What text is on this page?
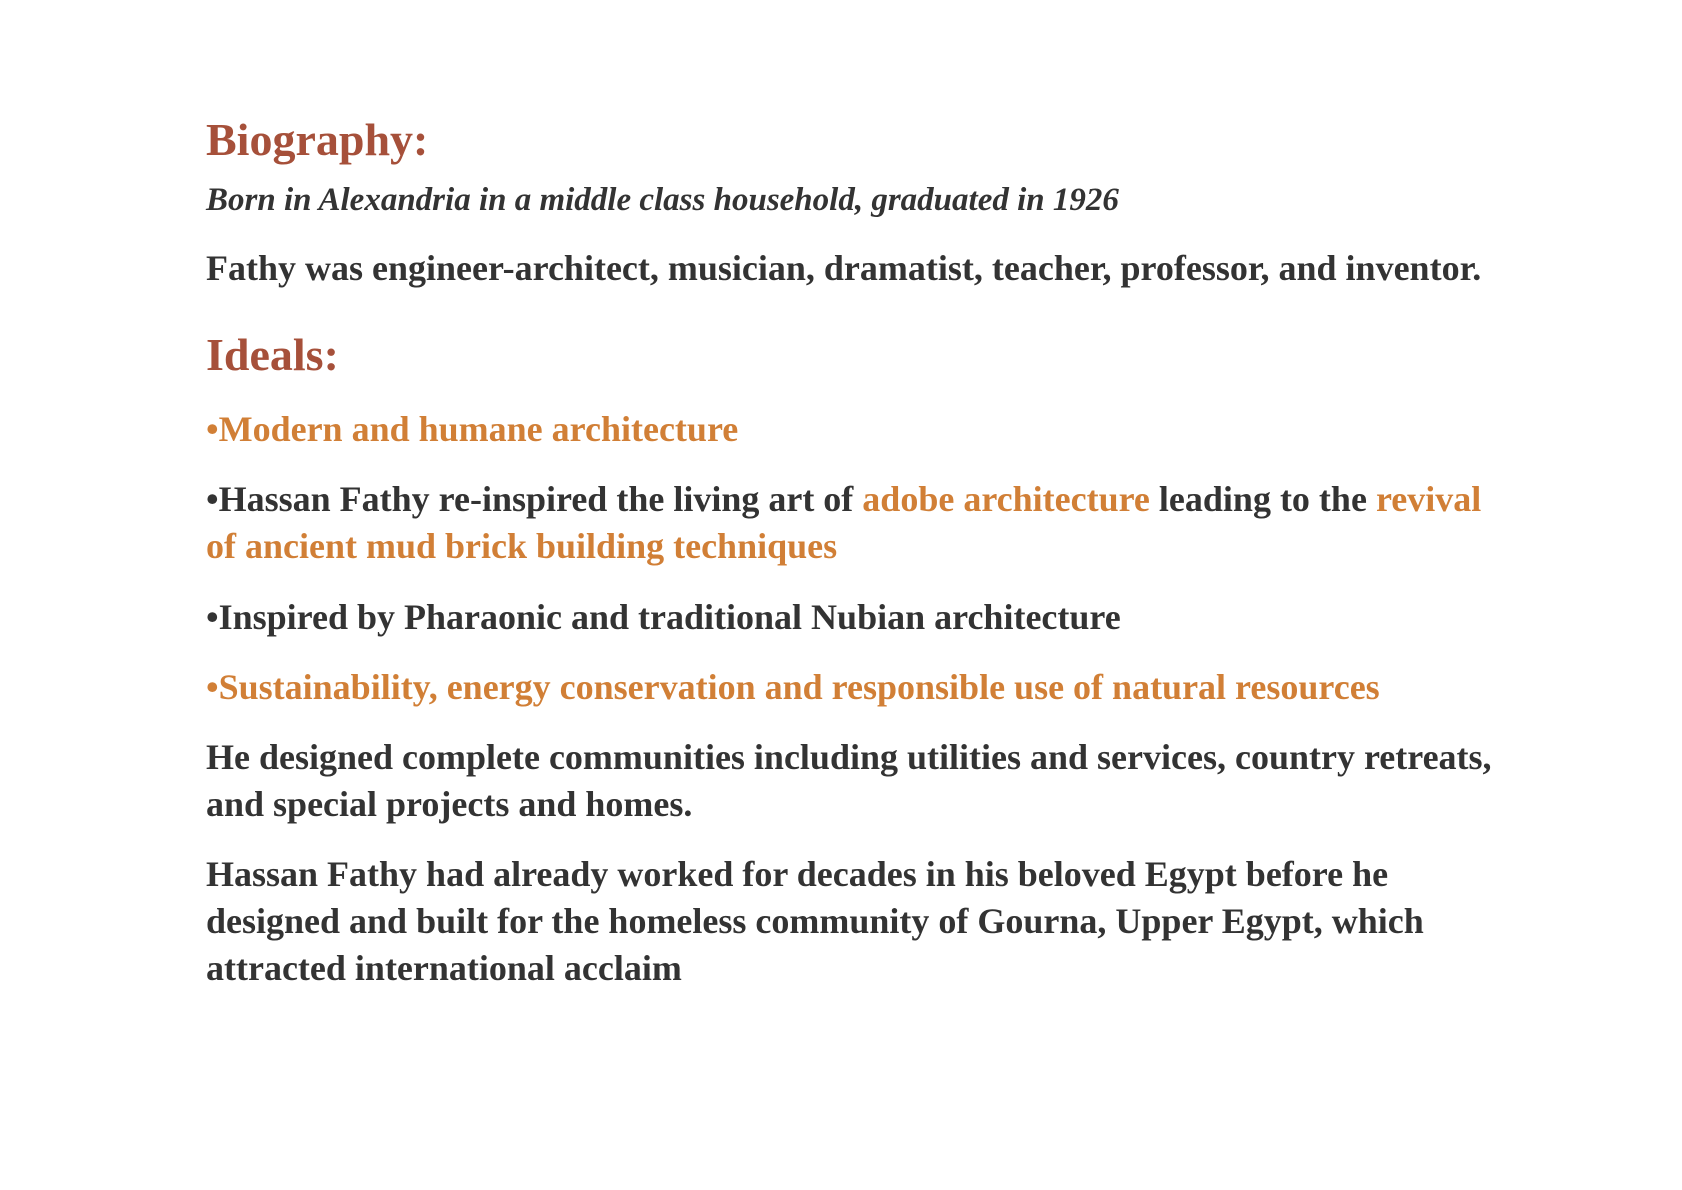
Biography:

Born in Alexandria in a middle class household, graduated in 1926

Fathy was engineer-architect, musician, dramatist, teacher, professor, and inventor.

Ideals:

•Modern and humane architecture

•Hassan Fathy re-inspired the living art of adobe architecture leading to the revival of ancient mud brick building techniques

•Inspired by Pharaonic and traditional Nubian architecture

•Sustainability, energy conservation and responsible use of natural resources

He designed complete communities including utilities and services, country retreats, and special projects and homes.

Hassan Fathy had already worked for decades in his beloved Egypt before he designed and built for the homeless community of Gourna, Upper Egypt, which attracted international acclaim
